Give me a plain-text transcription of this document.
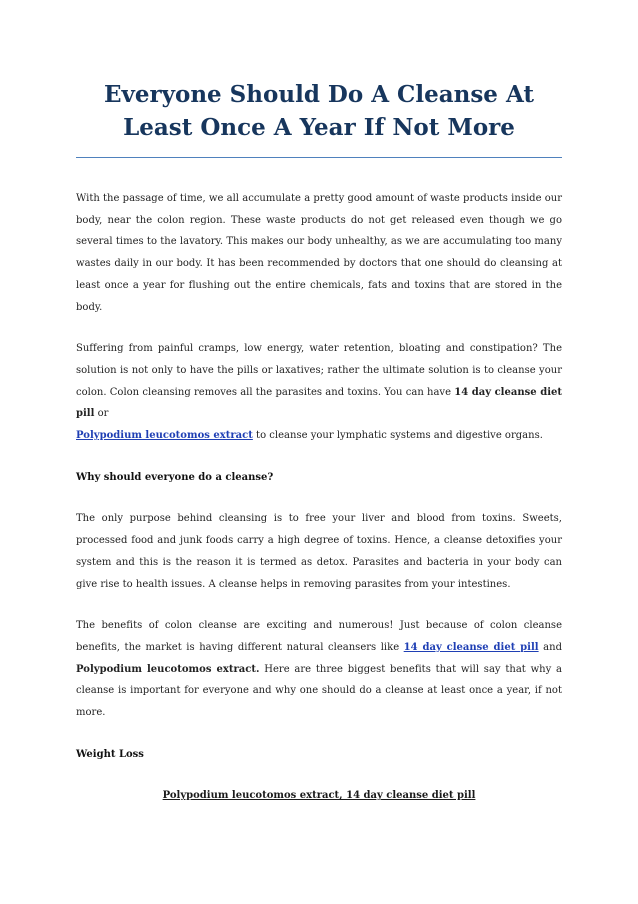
Everyone Should Do A Cleanse At
Least Once A Year If Not More

With the passage of time, we all accumulate a pretty good amount of waste products inside our body, near the colon region. These waste products do not get released even though we go several times to the lavatory. This makes our body unhealthy, as we are accumulating too many wastes daily in our body. It has been recommended by doctors that one should do cleansing at least once a year for flushing out the entire chemicals, fats and toxins that are stored in the body.

Suffering from painful cramps, low energy, water retention, bloating and constipation? The solution is not only to have the pills or laxatives; rather the ultimate solution is to cleanse your colon. Colon cleansing removes all the parasites and toxins. You can have 14 day cleanse diet pill or
Polypodium leucotomos extract to cleanse your lymphatic systems and digestive organs.

Why should everyone do a cleanse?

The only purpose behind cleansing is to free your liver and blood from toxins. Sweets, processed food and junk foods carry a high degree of toxins. Hence, a cleanse detoxifies your system and this is the reason it is termed as detox. Parasites and bacteria in your body can give rise to health issues. A cleanse helps in removing parasites from your intestines.

The benefits of colon cleanse are exciting and numerous! Just because of colon cleanse benefits, the market is having different natural cleansers like 14 day cleanse diet pill and Polypodium leucotomos extract. Here are three biggest benefits that will say that why a cleanse is important for everyone and why one should do a cleanse at least once a year, if not more.

Weight Loss

Polypodium leucotomos extract, 14 day cleanse diet pill
